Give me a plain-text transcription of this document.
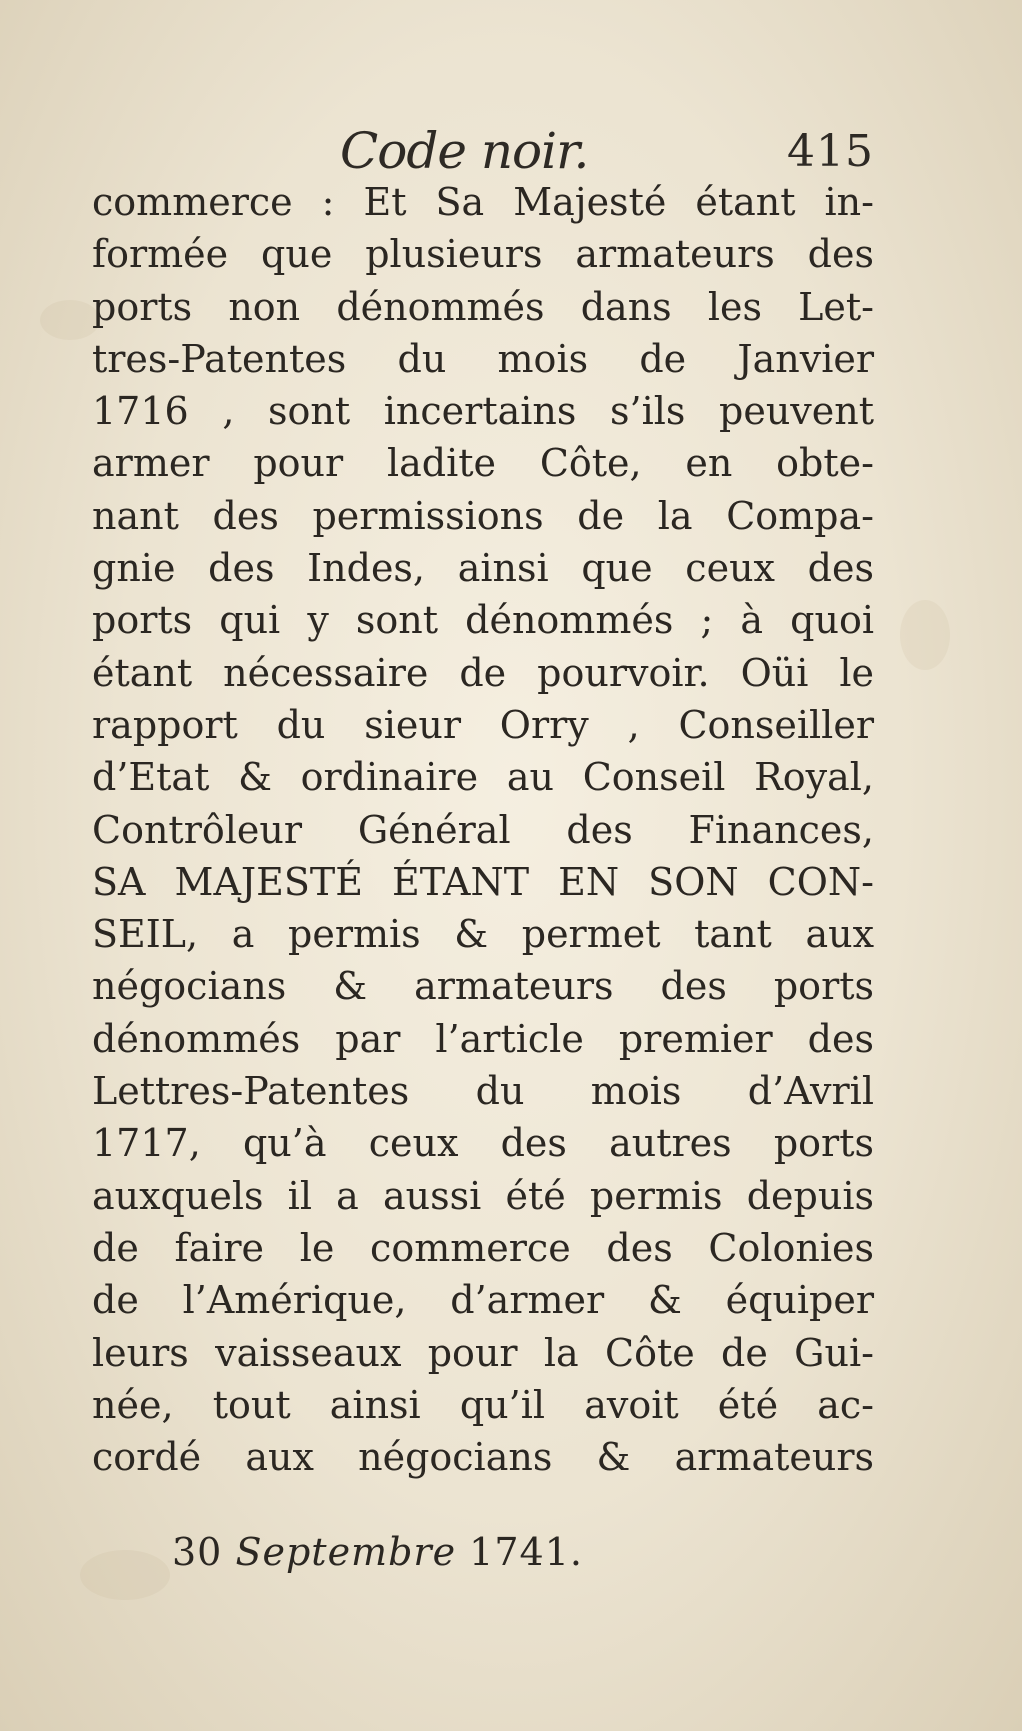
Code noir.	415
commerce : Et Sa Majesté étant in-
formée que plusieurs armateurs des
ports non dénommés dans les Let-
tres-Patentes du mois de Janvier
1716 , sont incertains s’ils peuvent
armer pour ladite Côte, en obte-
nant des permissions de la Compa-
gnie des Indes, ainsi que ceux des
ports qui y sont dénommés ; à quoi
étant nécessaire de pourvoir. Oüi le
rapport du sieur Orry , Conseiller
d’Etat & ordinaire au Conseil Royal,
Contrôleur Général des Finances,
SA MAJESTÉ ÉTANT EN SON CON-
SEIL, a permis & permet tant aux
négocians & armateurs des ports
dénommés par l’article premier des
Lettres-Patentes du mois d’Avril
1717, qu’à ceux des autres ports
auxquels il a aussi été permis depuis
de faire le commerce des Colonies
de l’Amérique, d’armer & équiper
leurs vaisseaux pour la Côte de Gui-
née, tout ainsi qu’il avoit été ac-
cordé aux négocians & armateurs
30 Septembre 1741.
